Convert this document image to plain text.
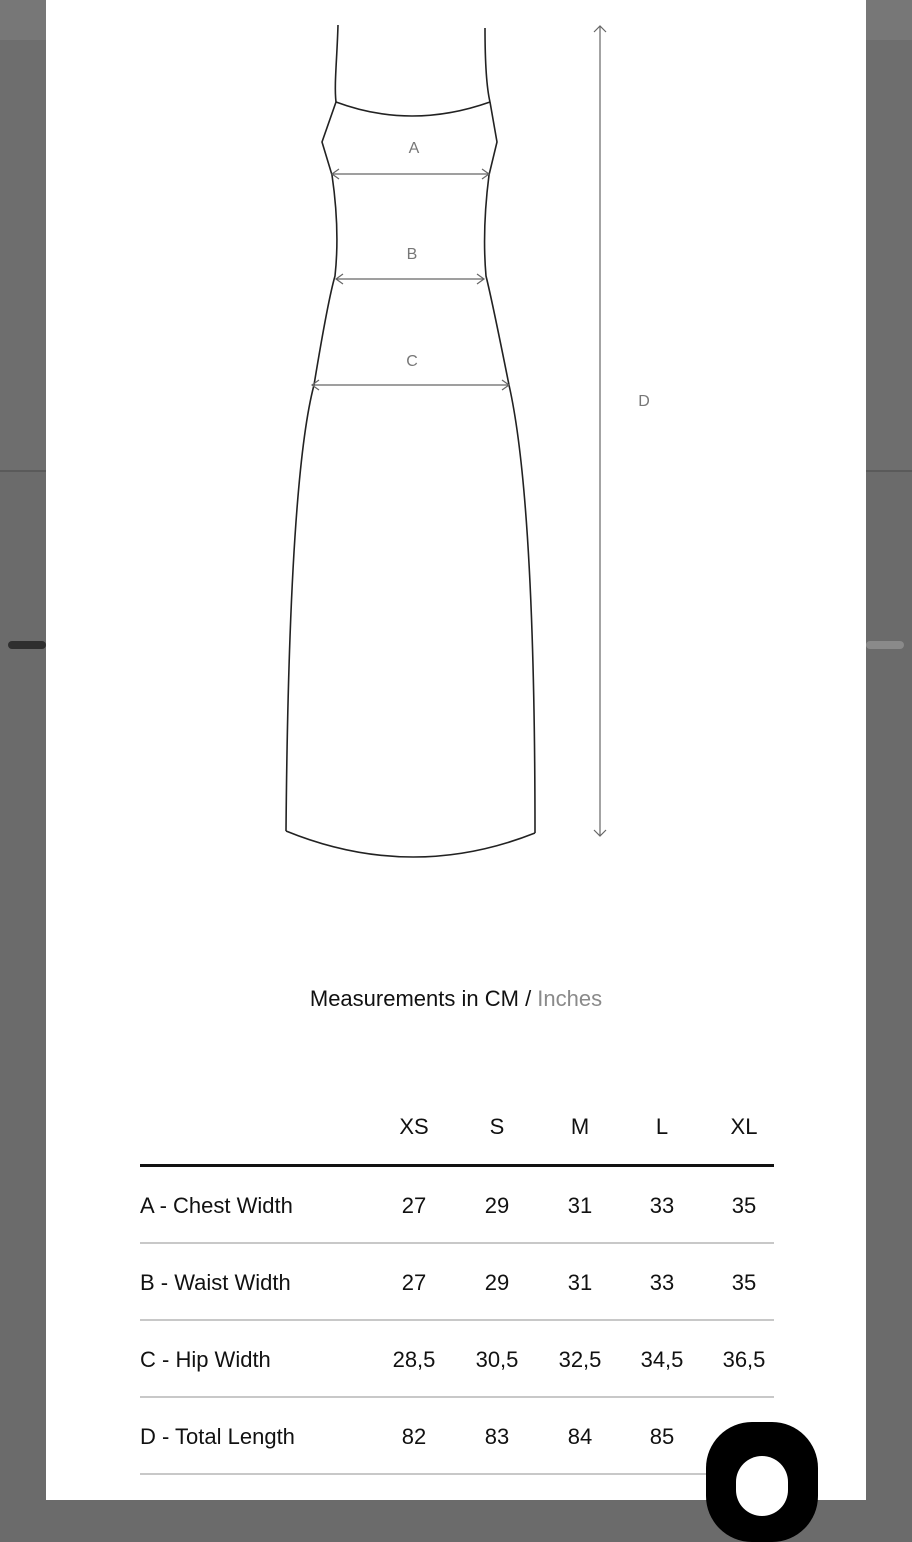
A
B
C
D
Measurements in CM / Inches
XS	S	M	L	XL
A - Chest Width	27	29	31	33	35
B - Waist Width	27	29	31	33	35
C - Hip Width	28,5	30,5	32,5	34,5	36,5
D - Total Length	82	83	84	85
